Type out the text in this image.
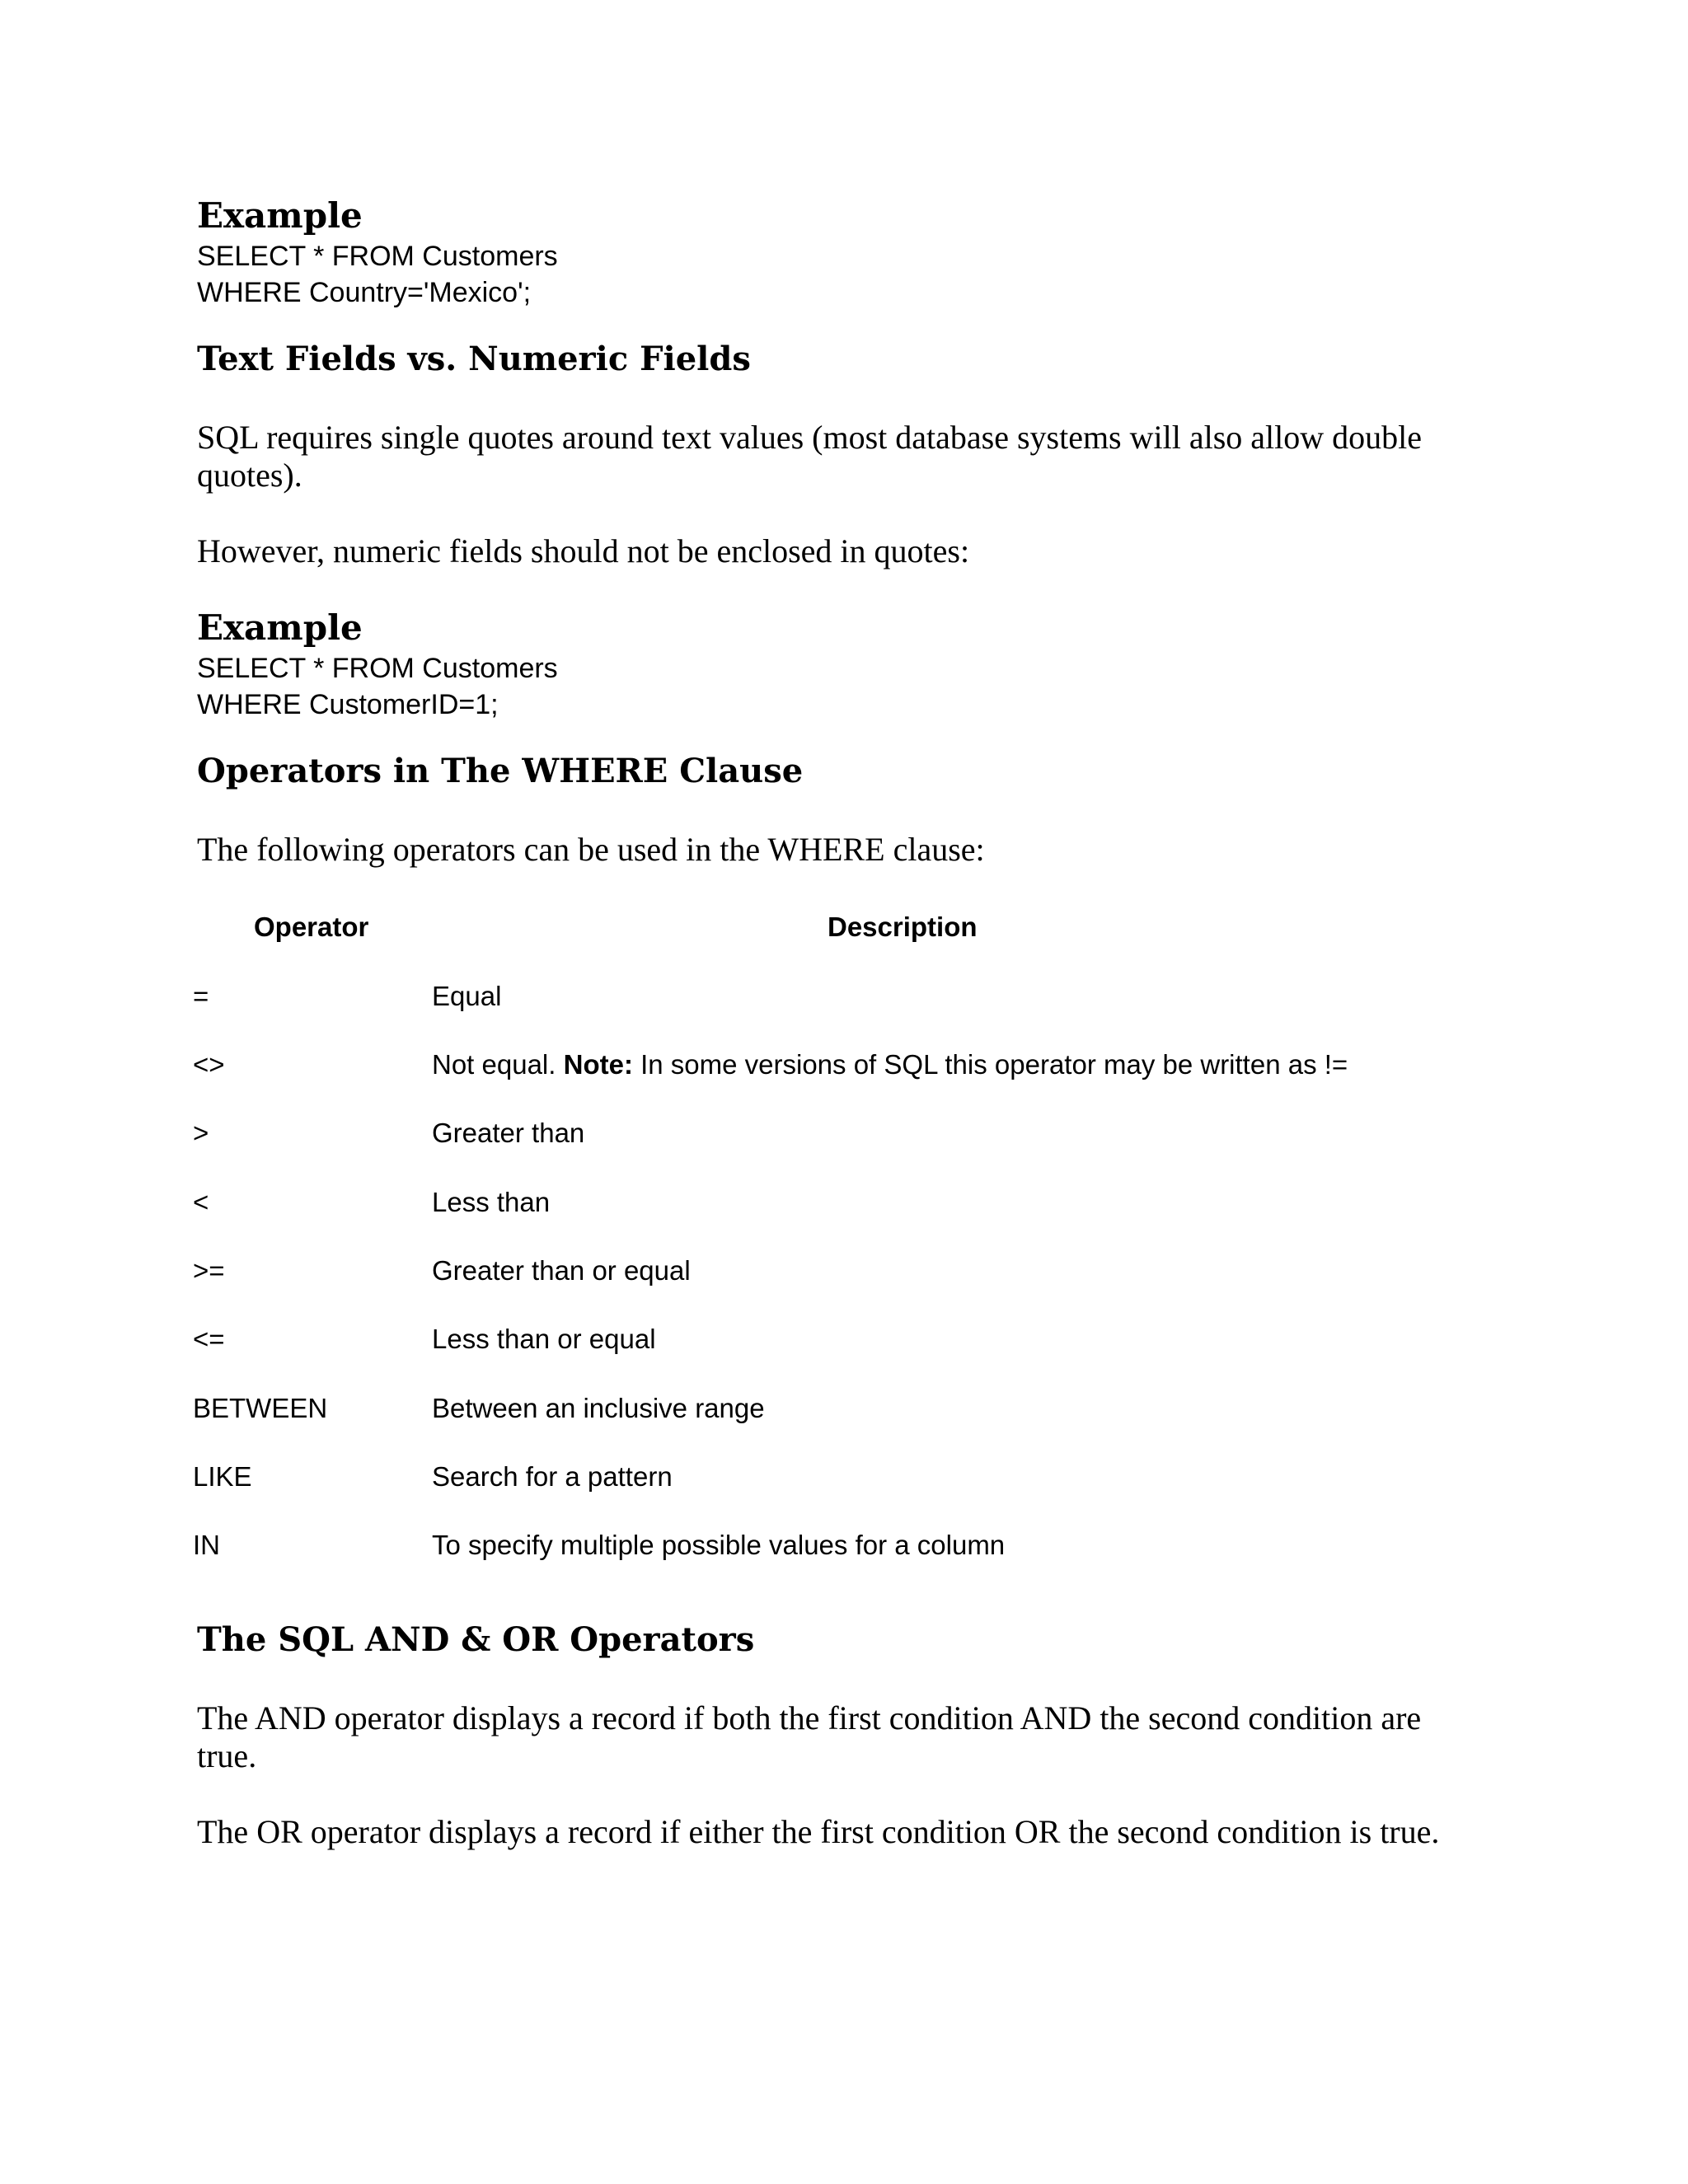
Example
SELECT * FROM Customers
WHERE Country='Mexico';
Text Fields vs. Numeric Fields

SQL requires single quotes around text values (most database systems will also allow double

quotes).

However, numeric fields should not be enclosed in quotes:

Example
SELECT * FROM Customers
WHERE CustomerID=1;
Operators in The WHERE Clause

The following operators can be used in the WHERE clause:

Operator	Description
=	Equal
<>	Not equal. Note: In some versions of SQL this operator may be written as !=
>	Greater than
<	Less than
>=	Greater than or equal
<=	Less than or equal
BETWEEN	Between an inclusive range
LIKE	Search for a pattern
IN	To specify multiple possible values for a column
The SQL AND & OR Operators

The AND operator displays a record if both the first condition AND the second condition are

true.

The OR operator displays a record if either the first condition OR the second condition is true.
